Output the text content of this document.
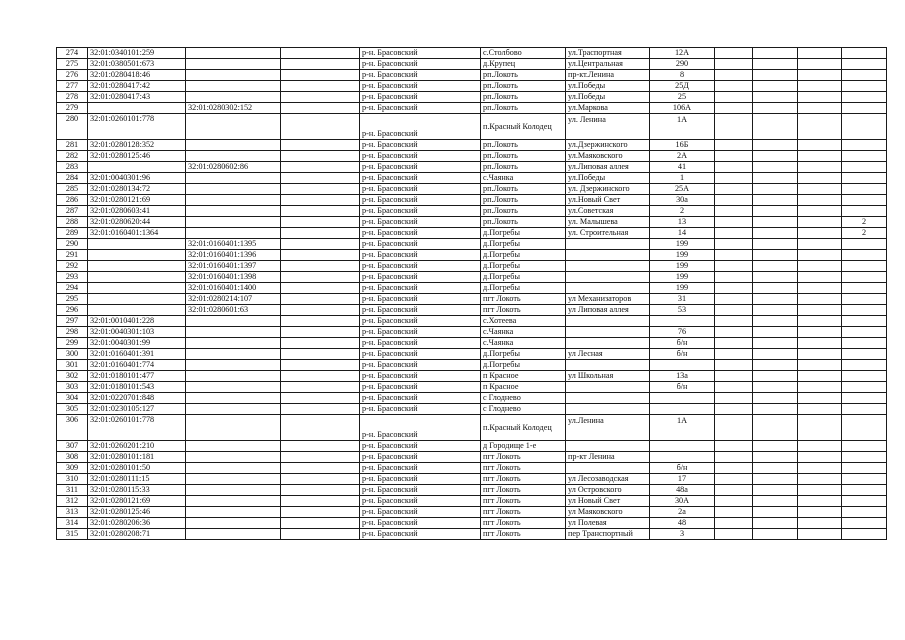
274	32:01:0340101:259			р-н. Брасовский	с.Столбово	ул.Траспортная	12А				
275	32:01:0380501:673			р-н. Брасовский	д.Крупец	ул.Центральная	290				
276	32:01:0280418:46			р-н. Брасовский	рп.Локоть	пр-кт.Ленина	8				
277	32:01:0280417:42			р-н. Брасовский	рп.Локоть	ул.Победы	25Д				
278	32:01:0280417:43			р-н. Брасовский	рп.Локоть	ул.Победы	25				
279		32:01:0280302:152		р-н. Брасовский	рп.Локоть	ул.Маркова	106А				
280	32:01:0260101:778			р-н. Брасовский	п.Красный Колодец	ул. Ленина	1А				
281	32:01:0280128:352			р-н. Брасовский	рп.Локоть	ул.Дзержинского	16Б				
282	32:01:0280125:46			р-н. Брасовский	рп.Локоть	ул.Маяковского	2А				
283		32:01:0280602:86		р-н. Брасовский	рп.Локоть	ул.Липовая аллея	41				
284	32:01:0040301:96			р-н. Брасовский	с.Чаянка	ул.Победы	1				
285	32:01:0280134:72			р-н. Брасовский	рп.Локоть	ул. Дзержинского	25А				
286	32:01:0280121:69			р-н. Брасовский	рп.Локоть	ул.Новый Свет	30а				
287	32:01:0280603:41			р-н. Брасовский	рп.Локоть	ул.Советская	2				
288	32:01:0280620:44			р-н. Брасовский	рп.Локоть	ул. Малышева	13				2
289	32:01:0160401:1364			р-н. Брасовский	д.Погребы	ул. Строительная	14				2
290		32:01:0160401:1395		р-н. Брасовский	д.Погребы		199				
291		32:01:0160401:1396		р-н. Брасовский	д.Погребы		199				
292		32:01:0160401:1397		р-н. Брасовский	д.Погребы		199				
293		32:01:0160401:1398		р-н. Брасовский	д.Погребы		199				
294		32:01:0160401:1400		р-н. Брасовский	д.Погребы		199				
295		32:01:0280214:107		р-н. Брасовский	пгт Локоть	ул Механизаторов	31				
296		32:01:0280601:63		р-н. Брасовский	пгт Локоть	ул Липовая аллея	53				
297	32:01:0010401:228			р-н. Брасовский	с.Хотеева						
298	32:01:0040301:103			р-н. Брасовский	с.Чаянка		76				
299	32:01:0040301:99			р-н. Брасовский	с.Чаянка		б/н				
300	32:01:0160401:391			р-н. Брасовский	д.Погребы	ул Лесная	б/н				
301	32:01:0160401:774			р-н. Брасовский	д.Погребы						
302	32:01:0180101:477			р-н. Брасовский	п Красное	ул Школьная	13а				
303	32:01:0180101:543			р-н. Брасовский	п Красное		б/н				
304	32:01:0220701:848			р-н. Брасовский	с Глоднево						
305	32:01:0230105:127			р-н. Брасовский	с Глоднево						
306	32:01:0260101:778			р-н. Брасовский	п.Красный Колодец	ул.Ленина	1А				
307	32:01:0260201:210			р-н. Брасовский	д Городище 1-е						
308	32:01:0280101:181			р-н. Брасовский	пгт Локоть	пр-кт Ленина					
309	32:01:0280101:50			р-н. Брасовский	пгт Локоть		б/н				
310	32:01:0280111:15			р-н. Брасовский	пгт Локоть	ул Лесозаводская	17				
311	32:01:0280115:33			р-н. Брасовский	пгт Локоть	ул Островского	48а				
312	32:01:0280121:69			р-н. Брасовский	пгт Локоть	ул Новый Свет	30А				
313	32:01:0280125:46			р-н. Брасовский	пгт Локоть	ул Маяковского	2а				
314	32:01:0280206:36			р-н. Брасовский	пгт Локоть	ул Полевая	48				
315	32:01:0280208:71			р-н. Брасовский	пгт Локоть	пер Транспортный	3				
